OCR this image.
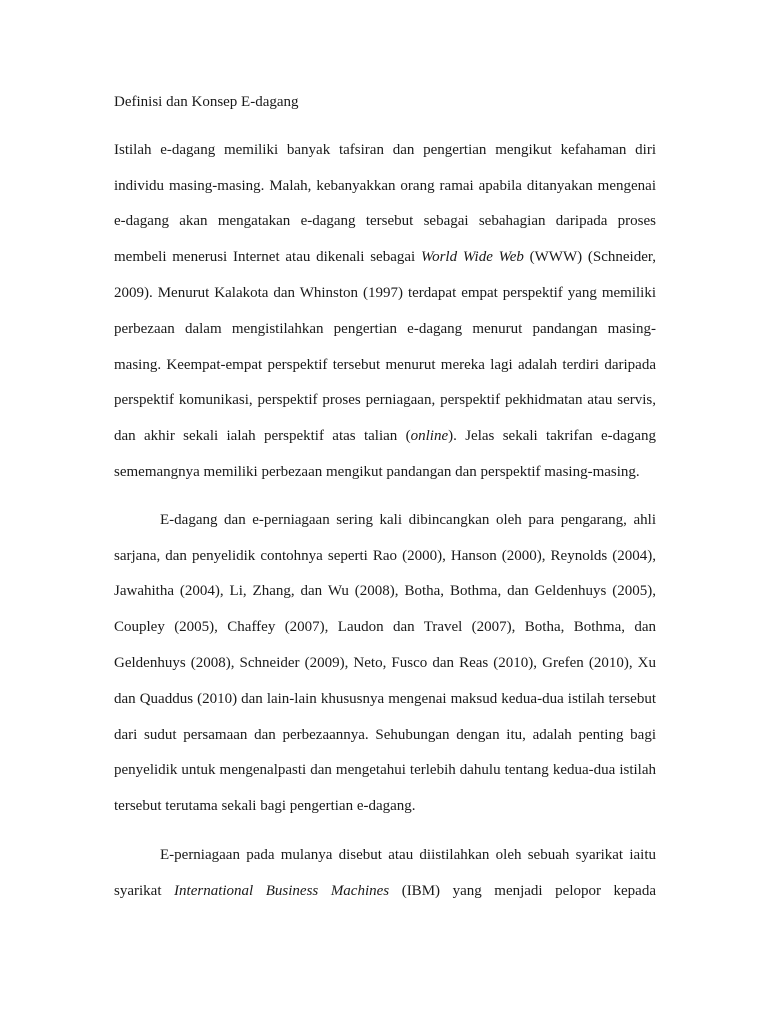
Definisi dan Konsep E-dagang
Istilah e-dagang memiliki banyak tafsiran dan pengertian mengikut kefahaman diri
individu masing-masing. Malah, kebanyakkan orang ramai apabila ditanyakan mengenai
e-dagang akan mengatakan e-dagang tersebut sebagai sebahagian daripada proses
membeli menerusi Internet atau dikenali sebagai World Wide Web (WWW) (Schneider,
2009). Menurut Kalakota dan Whinston (1997) terdapat empat perspektif yang memiliki
perbezaan dalam mengistilahkan pengertian e-dagang menurut pandangan masing-
masing. Keempat-empat perspektif tersebut menurut mereka lagi adalah terdiri daripada
perspektif komunikasi, perspektif proses perniagaan, perspektif pekhidmatan atau servis,
dan akhir sekali ialah perspektif atas talian (online). Jelas sekali takrifan e-dagang
sememangnya memiliki perbezaan mengikut pandangan dan perspektif masing-masing.
E-dagang dan e-perniagaan sering kali dibincangkan oleh para pengarang, ahli
sarjana, dan penyelidik contohnya seperti Rao (2000), Hanson (2000), Reynolds (2004),
Jawahitha (2004), Li, Zhang, dan Wu (2008), Botha, Bothma, dan Geldenhuys (2005),
Coupley (2005), Chaffey (2007), Laudon dan Travel (2007), Botha, Bothma, dan
Geldenhuys (2008), Schneider (2009), Neto, Fusco dan Reas (2010), Grefen (2010), Xu
dan Quaddus (2010) dan lain-lain khususnya mengenai maksud kedua-dua istilah tersebut
dari sudut persamaan dan perbezaannya. Sehubungan dengan itu, adalah penting bagi
penyelidik untuk mengenalpasti dan mengetahui terlebih dahulu tentang kedua-dua istilah
tersebut terutama sekali bagi pengertian e-dagang.
E-perniagaan pada mulanya disebut atau diistilahkan oleh sebuah syarikat iaitu
syarikat International Business Machines (IBM) yang menjadi pelopor kepada
